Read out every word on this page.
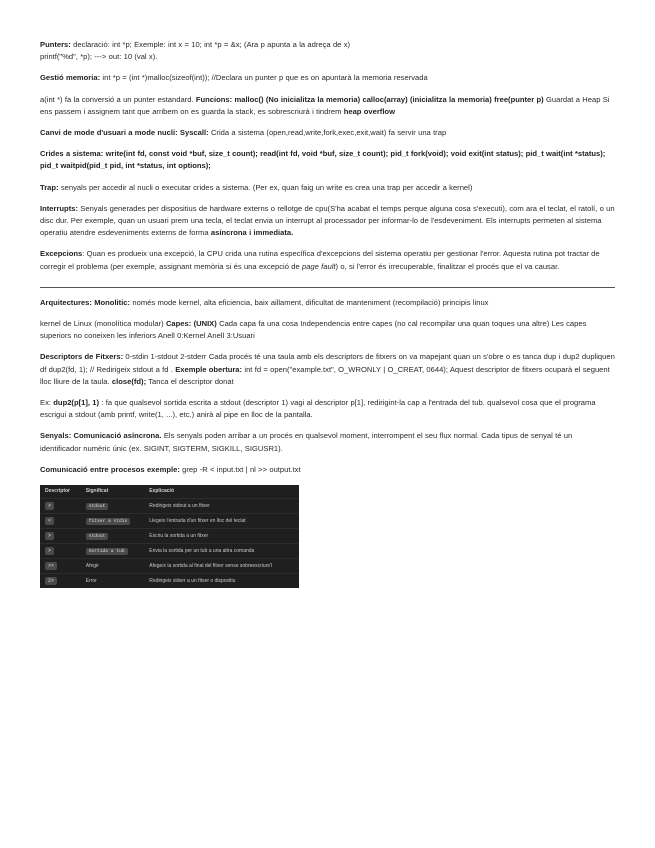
Punters: declaració: int *p; Exemple: int x = 10; int *p = &x; (Ara p apunta a la adreça de x)
printf("%d", *p); ---> out: 10 (val x).

Gestió memoria: int *p = (int *)malloc(sizeof(int)); //Declara un punter p que es on apuntarà la memoria reservada

a(int *) fa la conversió a un punter estandard. Funcions: malloc() (No inicialitza la memoria) calloc(array) (inicialitza la memoria) free(punter p) Guardat a Heap Si ens passem i assignem tant que arribem on es guarda la stack, es sobrescriurà i tindrem heap overflow

Canvi de mode d'usuari a mode nucli: Syscall: Crida a sistema (open,read,write,fork,exec,exit,wait) fa servir una trap

Crides a sistema: write(int fd, const void *buf, size_t count); read(int fd, void *buf, size_t count); pid_t fork(void); void exit(int status); pid_t wait(int *status); pid_t waitpid(pid_t pid, int *status, int options);

Trap: senyals per accedir al nucli o executar crides a sistema. (Per ex, quan faig un write es crea una trap per accedir a kernel)

Interrupts: Senyals generades per dispositius de hardware externs o rellotge de cpu(S'ha acabat el temps perque alguna cosa s'executi), com ara el teclat, el ratolí, o un disc dur. Per exemple, quan un usuari prem una tecla, el teclat envia un interrupt al processador per informar-lo de l'esdeveniment. Els interrupts permeten al sistema operatiu atendre esdeveniments externs de forma asíncrona i immediata.

Excepcions: Quan es produeix una excepció, la CPU crida una rutina específica d'excepcions del sistema operatiu per gestionar l'error. Aquesta rutina pot tractar de corregir el problema (per exemple, assignant memòria si és una excepció de page fault) o, si l'error és irrecuperable, finalitzar el procés que el va causar.

Arquitectures: Monolitic: només mode kernel, alta eficiencia, baix aillament, dificultat de manteniment (recompilació) principis linux

kernel de Linux (monolítica modular) Capes: (UNIX) Cada capa fa una cosa Independencia entre capes (no cal recompilar una quan toques una altre) Les capes superiors no coneixen les inferiors Anell 0:Kernel Anell 3:Usuari

Descriptors de Fitxers: 0-stdin 1-stdout 2-stderr Cada procés té una taula amb els descriptors de fitxers on va mapejant quan un s'obre o es tanca dup i dup2 dupliquen df dup2(fd, 1); // Redirigeix stdout a fd . Exemple obertura: int fd = open("example.txt", O_WRONLY | O_CREAT, 0644); Aquest descriptor de fitxers ocuparà el seguent lloc lliure de la taula. close(fd); Tanca el descriptor donat

Ex: dup2(p[1], 1) : fa que qualsevol sortida escrita a stdout (descriptor 1) vagi al descriptor p[1], redirigint-la cap a l'entrada del tub. qualsevol cosa que el programa escrigui a stdout (amb printf, write(1, ...), etc.) anirà al pipe en lloc de la pantalla.

Senyals: Comunicació asíncrona. Els senyals poden arribar a un procés en qualsevol moment, interrompent el seu flux normal. Cada tipus de senyal té un identificador numèric únic (ex. SIGINT, SIGTERM, SIGKILL, SIGUSR1).

Comunicació entre procesos exemple: grep -R < input.txt | nl >> output.txt

Descriptor	Significat	Explicació
>	stdout	Redirigeix stdout a un fitxer
<	fitxer a stdin	Llegeix l'entrada d'un fitxer en lloc del teclat
>	stdout	Escriu la sortida a un fitxer
>	Sortida a tub	Envia la sortida per un tub a una altra comanda
>>	Afegir	Afegeix la sortida al final del fitxer sense sobreescriure'l
2>	Error	Redirigeix stderr a un fitxer o dispositiu
